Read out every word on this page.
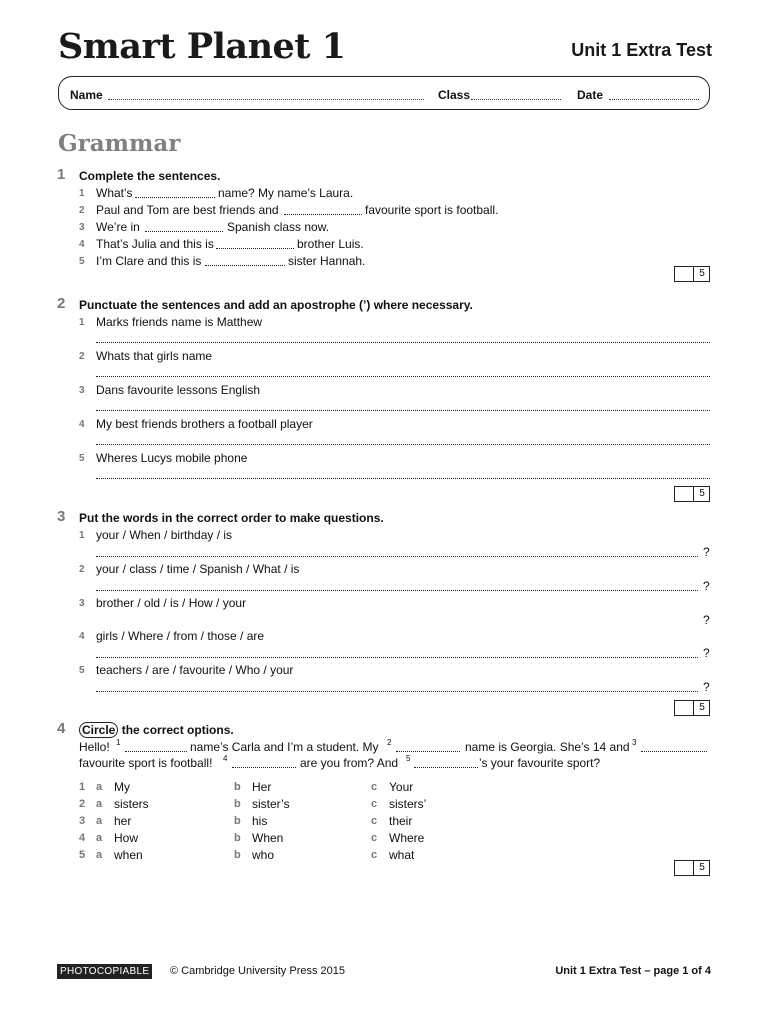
Smart Planet 1	Unit 1 Extra Test
Name	Class	Date
Grammar
1 Complete the sentences.
1 What’s	name? My name’s Laura.
2 Paul and Tom are best friends and	favourite sport is football.
3 We’re in	Spanish class now.
4 That’s Julia and this is	brother Luis.
5 I’m Clare and this is	sister Hannah.
5
2 Punctuate the sentences and add an apostrophe (’) where necessary.
1 Marks friends name is Matthew
2 Whats that girls name
3 Dans favourite lessons English
4 My best friends brothers a football player
5 Wheres Lucys mobile phone
5
3 Put the words in the correct order to make questions.
1 your / When / birthday / is
?
2 your / class / time / Spanish / What / is
?
3 brother / old / is / How / your
?
4 girls / Where / from / those / are
?
5 teachers / are / favourite / Who / your
?
5
4 Circle the correct options.
Hello! 1	name’s Carla and I’m a student. My 2	name is Georgia. She’s 14 and 3
favourite sport is football! 4	are you from? And 5	’s your favourite sport?
1 a My	b Her	c Your
2 a sisters	b sister’s	c sisters’
3 a her	b his	c their
4 a How	b When	c Where
5 a when	b who	c what
5
PHOTOCOPIABLE © Cambridge University Press 2015	Unit 1 Extra Test – page 1 of 4
